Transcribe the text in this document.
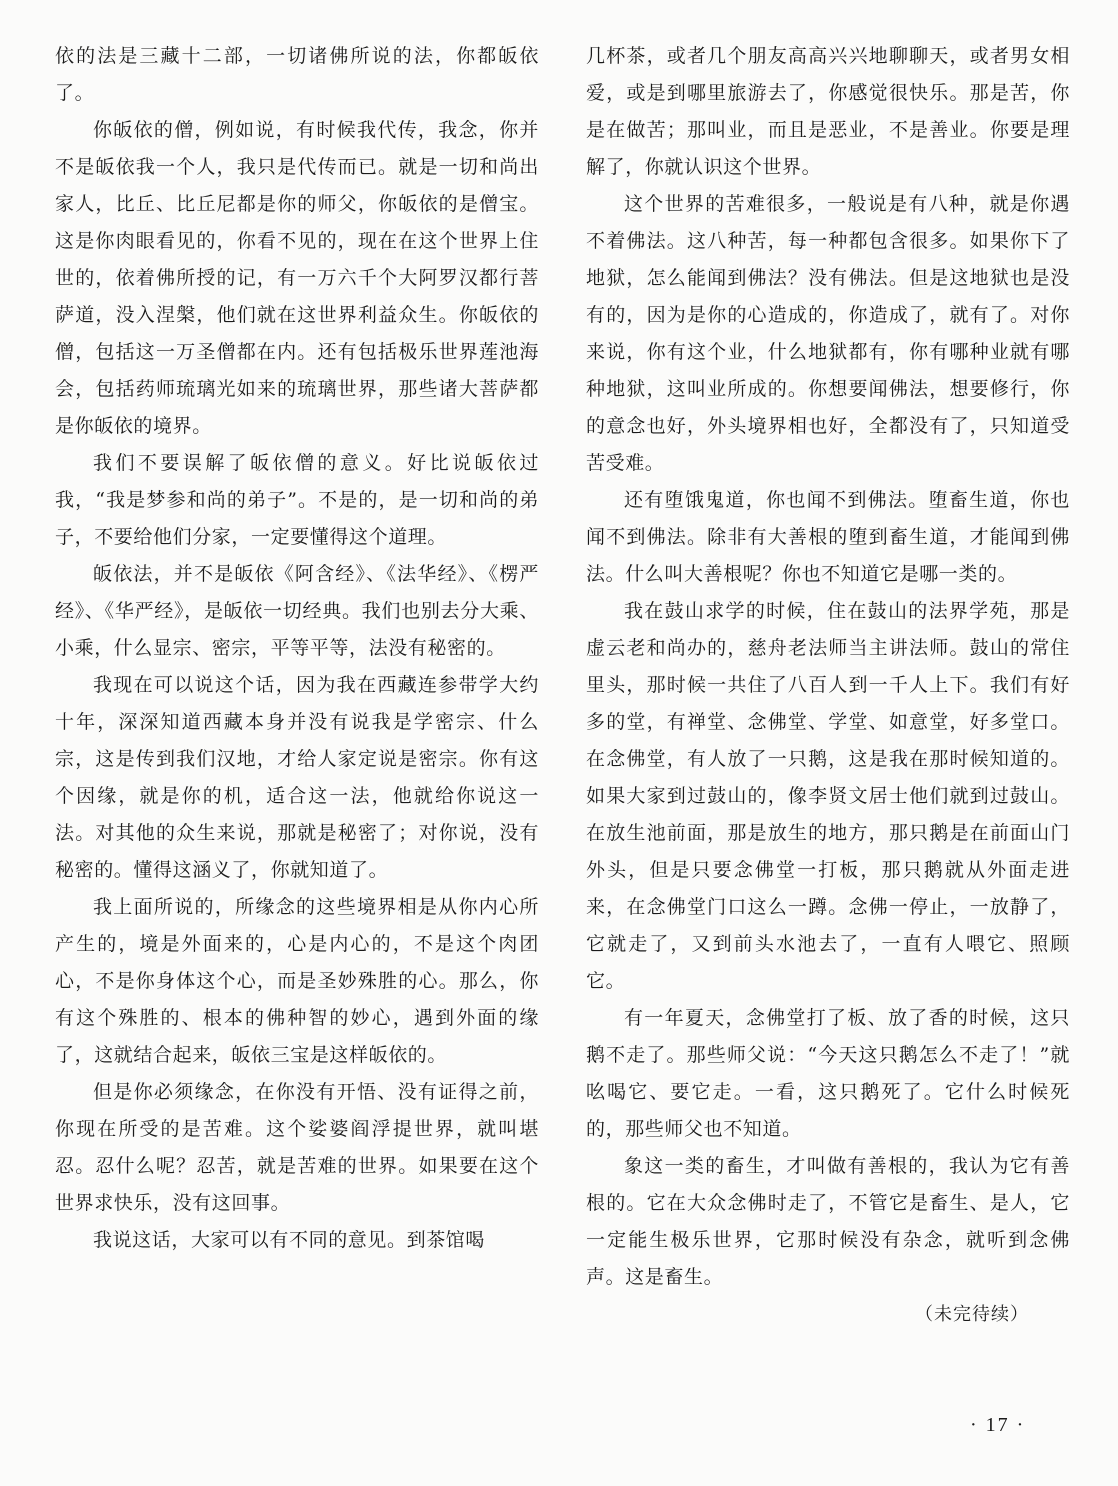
依的法是三藏十二部，一切诸佛所说的法，你都皈依了。

你皈依的僧，例如说，有时候我代传，我念，你并不是皈依我一个人，我只是代传而已。就是一切和尚出家人，比丘、比丘尼都是你的师父，你皈依的是僧宝。这是你肉眼看见的，你看不见的，现在在这个世界上住世的，依着佛所授的记，有一万六千个大阿罗汉都行菩萨道，没入涅槃，他们就在这世界利益众生。你皈依的僧，包括这一万圣僧都在内。还有包括极乐世界莲池海会，包括药师琉璃光如来的琉璃世界，那些诸大菩萨都是你皈依的境界。

我们不要误解了皈依僧的意义。好比说皈依过我，“我是梦参和尚的弟子”。不是的，是一切和尚的弟子，不要给他们分家，一定要懂得这个道理。

皈依法，并不是皈依《阿含经》、《法华经》、《楞严经》、《华严经》，是皈依一切经典。我们也别去分大乘、小乘，什么显宗、密宗，平等平等，法没有秘密的。

我现在可以说这个话，因为我在西藏连参带学大约十年，深深知道西藏本身并没有说我是学密宗、什么宗，这是传到我们汉地，才给人家定说是密宗。你有这个因缘，就是你的机，适合这一法，他就给你说这一法。对其他的众生来说，那就是秘密了；对你说，没有秘密的。懂得这涵义了，你就知道了。

我上面所说的，所缘念的这些境界相是从你内心所产生的，境是外面来的，心是内心的，不是这个肉团心，不是你身体这个心，而是圣妙殊胜的心。那么，你有这个殊胜的、根本的佛种智的妙心，遇到外面的缘了，这就结合起来，皈依三宝是这样皈依的。

但是你必须缘念，在你没有开悟、没有证得之前，你现在所受的是苦难。这个娑婆阎浮提世界，就叫堪忍。忍什么呢？忍苦，就是苦难的世界。如果要在这个世界求快乐，没有这回事。

我说这话，大家可以有不同的意见。到茶馆喝

几杯茶，或者几个朋友高高兴兴地聊聊天，或者男女相爱，或是到哪里旅游去了，你感觉很快乐。那是苦，你是在做苦；那叫业，而且是恶业，不是善业。你要是理解了，你就认识这个世界。

这个世界的苦难很多，一般说是有八种，就是你遇不着佛法。这八种苦，每一种都包含很多。如果你下了地狱，怎么能闻到佛法？没有佛法。但是这地狱也是没有的，因为是你的心造成的，你造成了，就有了。对你来说，你有这个业，什么地狱都有，你有哪种业就有哪种地狱，这叫业所成的。你想要闻佛法，想要修行，你的意念也好，外头境界相也好，全都没有了，只知道受苦受难。

还有堕饿鬼道，你也闻不到佛法。堕畜生道，你也闻不到佛法。除非有大善根的堕到畜生道，才能闻到佛法。什么叫大善根呢？你也不知道它是哪一类的。

我在鼓山求学的时候，住在鼓山的法界学苑，那是虚云老和尚办的，慈舟老法师当主讲法师。鼓山的常住里头，那时候一共住了八百人到一千人上下。我们有好多的堂，有禅堂、念佛堂、学堂、如意堂，好多堂口。在念佛堂，有人放了一只鹅，这是我在那时候知道的。如果大家到过鼓山的，像李贤文居士他们就到过鼓山。在放生池前面，那是放生的地方，那只鹅是在前面山门外头，但是只要念佛堂一打板，那只鹅就从外面走进来，在念佛堂门口这么一蹲。念佛一停止，一放静了，它就走了，又到前头水池去了，一直有人喂它、照顾它。

有一年夏天，念佛堂打了板、放了香的时候，这只鹅不走了。那些师父说：“今天这只鹅怎么不走了！”就吆喝它、要它走。一看，这只鹅死了。它什么时候死的，那些师父也不知道。

象这一类的畜生，才叫做有善根的，我认为它有善根的。它在大众念佛时走了，不管它是畜生、是人，它一定能生极乐世界，它那时候没有杂念，就听到念佛声。这是畜生。

（未完待续）
· 17 ·
